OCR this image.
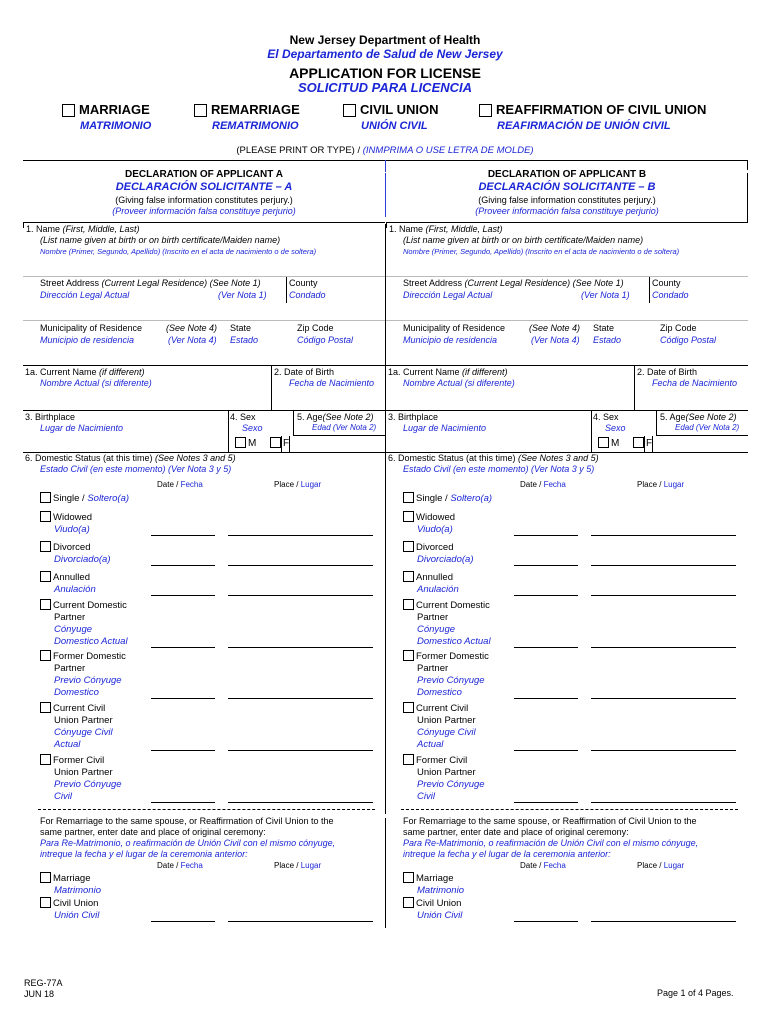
New Jersey Department of Health
El Departamento de Salud de New Jersey
APPLICATION FOR LICENSE
SOLICITUD PARA LICENCIA
MARRIAGE
MATRIMONIO
REMARRIAGE
REMATRIMONIO
CIVIL UNION
UNIÓN CIVIL
REAFFIRMATION OF CIVIL UNION
REAFIRMACIÓN DE UNIÓN CIVIL
(PLEASE PRINT OR TYPE) / (INMPRIMA O USE LETRA DE MOLDE)
DECLARATION OF APPLICANT A
DECLARACIÓN SOLICITANTE – A
(Giving false information constitutes perjury.)
(Proveer información falsa constituye perjurio)
1. Name (First, Middle, Last)
(List name given at birth or on birth certificate/Maiden name)
Nombre (Primer, Segundo, Apellido) (Inscrito en el acta de nacimiento o de soltera)
Street Address (Current Legal Residence) (See Note 1)
Dirección Legal Actual	(Ver Nota 1)
County
Condado
Municipality of Residence	(See Note 4) State	Zip Code
Municipio de residencia	(Ver Nota 4) Estado	Código Postal
1a. Current Name (if different)
Nombre Actual (si diferente)
2. Date of Birth
Fecha de Nacimiento
3. Birthplace
Lugar de Nacimiento
4. Sex
Sexo
5. Age(See Note 2)
Edad (Ver Nota 2)
M	F
6. Domestic Status (at this time) (See Notes 3 and 5)
Estado Civil (en este momento) (Ver Nota 3 y 5)
Date / Fecha	Place / Lugar
Single / Soltero(a)
Widowed
Viudo(a)
Divorced
Divorciado(a)
Annulled
Anulación
Current Domestic
Partner
Cónyuge
Domestico Actual
Former Domestic
Partner
Previo Cónyuge
Domestico
Current Civil
Union Partner
Cónyuge Civil
Actual
Former Civil
Union Partner
Previo Cónyuge
Civil
For Remarriage to the same spouse, or Reaffirmation of Civil Union to the
same partner, enter date and place of original ceremony:
Para Re-Matrimonio, o reafirmación de Unión Civil con el mismo cónyuge,
intreque la fecha y el lugar de la ceremonia anterior:
Date / Fecha	Place / Lugar
Marriage
Matrimonio
Civil Union
Unión Civil
DECLARATION OF APPLICANT B
DECLARACIÓN SOLICITANTE – B
(Giving false information constitutes perjury.)
(Proveer información falsa constituye perjurio)
1. Name (First, Middle, Last)
(List name given at birth or on birth certificate/Maiden name)
Nombre (Primer, Segundo, Apellido) (Inscrito en el acta de nacimiento o de soltera)
Street Address (Current Legal Residence) (See Note 1)
Dirección Legal Actual	(Ver Nota 1)
County
Condado
Municipality of Residence	(See Note 4) State	Zip Code
Municipio de residencia	(Ver Nota 4) Estado	Código Postal
1a. Current Name (if different)
Nombre Actual (si diferente)
2. Date of Birth
Fecha de Nacimiento
3. Birthplace
Lugar de Nacimiento
4. Sex
Sexo
5. Age(See Note 2)
Edad (Ver Nota 2)
M	F
6. Domestic Status (at this time) (See Notes 3 and 5)
Estado Civil (en este momento) (Ver Nota 3 y 5)
Date / Fecha	Place / Lugar
Single / Soltero(a)
Widowed
Viudo(a)
Divorced
Divorciado(a)
Annulled
Anulación
Current Domestic
Partner
Cónyuge
Domestico Actual
Former Domestic
Partner
Previo Cónyuge
Domestico
Current Civil
Union Partner
Cónyuge Civil
Actual
Former Civil
Union Partner
Previo Cónyuge
Civil
For Remarriage to the same spouse, or Reaffirmation of Civil Union to the
same partner, enter date and place of original ceremony:
Para Re-Matrimonio, o reafirmación de Unión Civil con el mismo cónyuge,
intreque la fecha y el lugar de la ceremonia anterior:
Date / Fecha	Place / Lugar
Marriage
Matrimonio
Civil Union
Unión Civil
REG-77A
JUN 18	Page 1 of 4 Pages.
